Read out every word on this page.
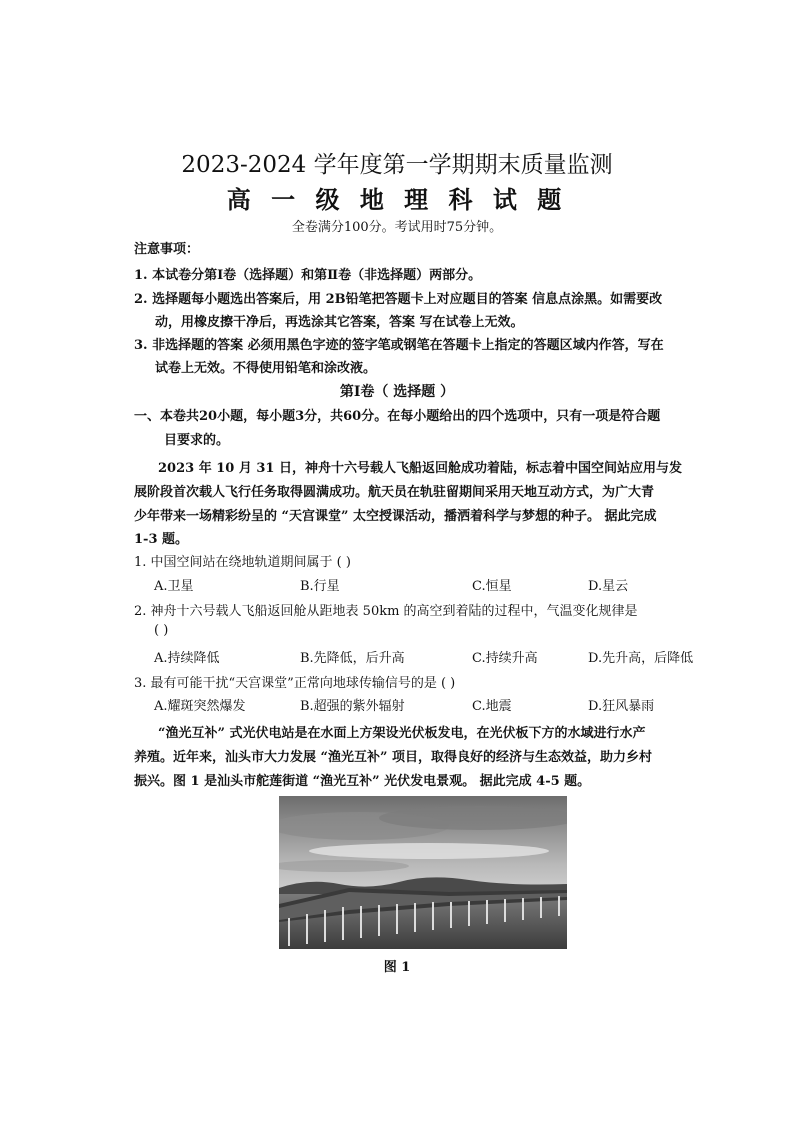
2023-2024 学年度第一学期期末质量监测
高 一 级 地 理 科 试 题
全卷满分100分。考试用时75分钟。
注意事项：
1. 本试卷分第Ⅰ卷（选择题）和第Ⅱ卷（非选择题）两部分。
2. 选择题每小题选出答案后，用 2B铅笔把答题卡上对应题目的答案 信息点涂黑。如需要改
动，用橡皮擦干净后，再选涂其它答案，答案 写在试卷上无效。
3. 非选择题的答案 必须用黑色字迹的签字笔或钢笔在答题卡上指定的答题区域内作答，写在
试卷上无效。不得使用铅笔和涂改液。
第Ⅰ卷（ 选择题 ）
一、本卷共20小题，每小题3分，共60分。在每小题给出的四个选项中，只有一项是符合题
目要求的。
2023 年 10 月 31 日，神舟十六号载人飞船返回舱成功着陆，标志着中国空间站应用与发
展阶段首次载人飞行任务取得圆满成功。航天员在轨驻留期间采用天地互动方式，为广大青
少年带来一场精彩纷呈的 “天宫课堂” 太空授课活动，播洒着科学与梦想的种子。 据此完成
1-3 题。
1. 中国空间站在绕地轨道期间属于 ( )
A.卫星	B.行星	C.恒星	D.星云
2. 神舟十六号载人飞船返回舱从距地表 50km 的高空到着陆的过程中，气温变化规律是
( )
A.持续降低	B.先降低，后升高	C.持续升高	D.先升高，后降低
3. 最有可能干扰“天宫课堂”正常向地球传输信号的是 ( )
A.耀斑突然爆发	B.超强的紫外辐射	C.地震	D.狂风暴雨
“渔光互补” 式光伏电站是在水面上方架设光伏板发电，在光伏板下方的水域进行水产
养殖。近年来，汕头市大力发展 “渔光互补” 项目，取得良好的经济与生态效益，助力乡村
振兴。图 1 是汕头市舵莲街道 “渔光互补” 光伏发电景观。 据此完成 4-5 题。
图 1
